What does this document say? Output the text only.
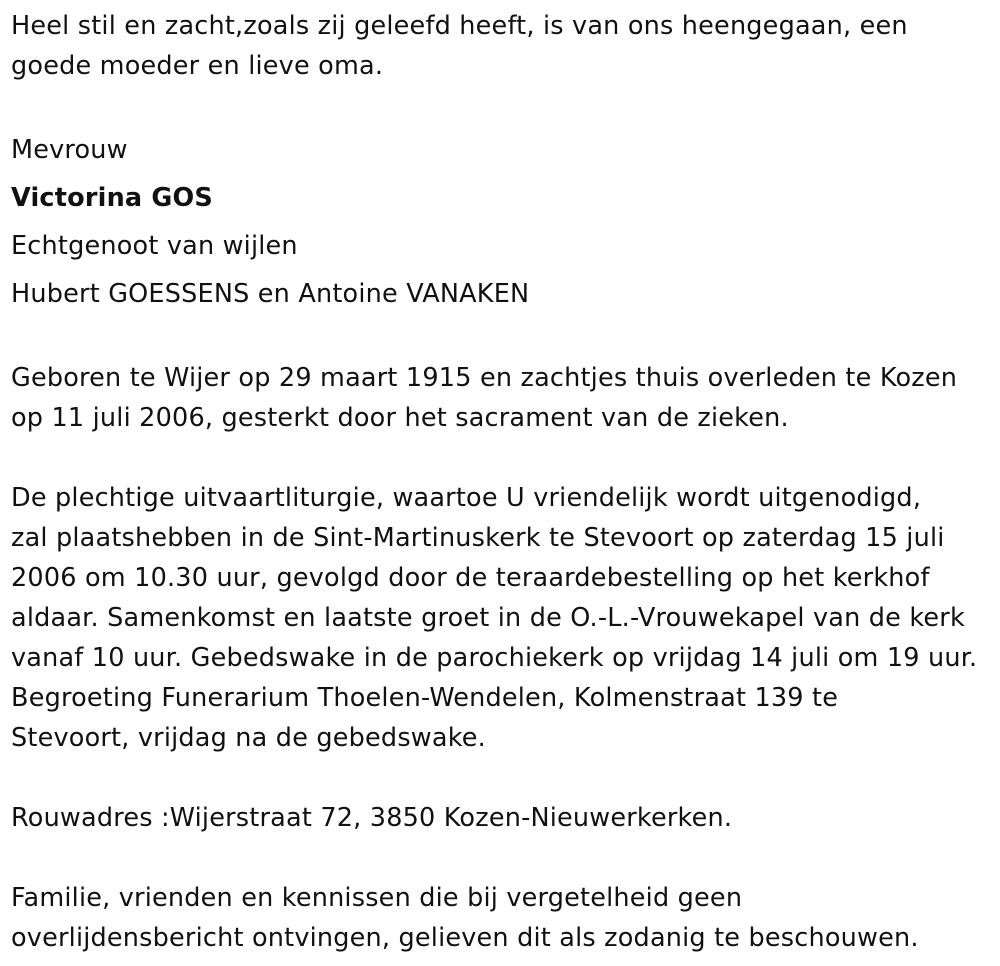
Heel stil en zacht,zoals zij geleefd heeft, is van ons heengegaan, een
goede moeder en lieve oma.
Mevrouw
Victorina GOS
Echtgenoot van wijlen
Hubert GOESSENS en Antoine VANAKEN
Geboren te Wijer op 29 maart 1915 en zachtjes thuis overleden te Kozen
op 11 juli 2006, gesterkt door het sacrament van de zieken.
De plechtige uitvaartliturgie, waartoe U vriendelijk wordt uitgenodigd,
zal plaatshebben in de Sint-Martinuskerk te Stevoort op zaterdag 15 juli
2006 om 10.30 uur, gevolgd door de teraardebestelling op het kerkhof
aldaar. Samenkomst en laatste groet in de O.-L.-Vrouwekapel van de kerk
vanaf 10 uur. Gebedswake in de parochiekerk op vrijdag 14 juli om 19 uur.
Begroeting Funerarium Thoelen-Wendelen, Kolmenstraat 139 te
Stevoort, vrijdag na de gebedswake.
Rouwadres :Wijerstraat 72, 3850 Kozen-Nieuwerkerken.
Familie, vrienden en kennissen die bij vergetelheid geen
overlijdensbericht ontvingen, gelieven dit als zodanig te beschouwen.
